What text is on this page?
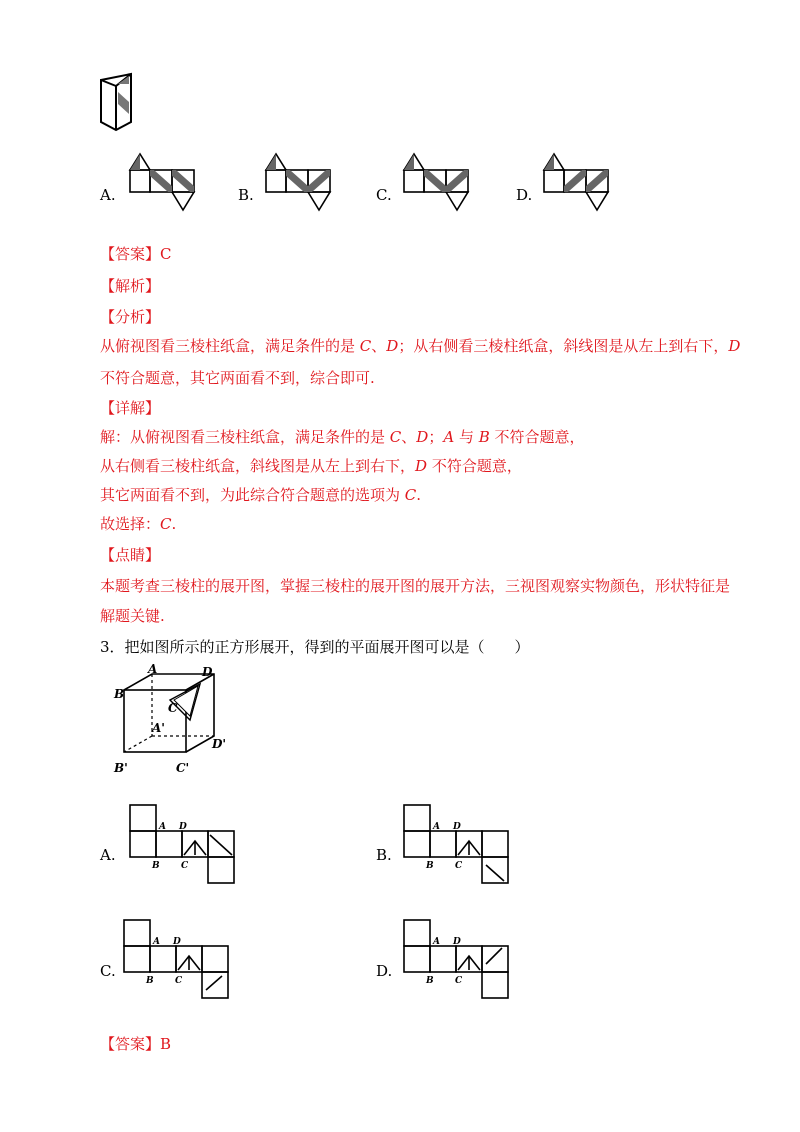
A.	B.	C.	D.
【答案】C
【解析】
【分析】
从俯视图看三棱柱纸盒，满足条件的是 C、D；从右侧看三棱柱纸盒，斜线图是从左上到右下，D
不符合题意，其它两面看不到，综合即可.
【详解】
解：从俯视图看三棱柱纸盒，满足条件的是 C、D；A 与 B 不符合题意，
从右侧看三棱柱纸盒，斜线图是从左上到右下，D 不符合题意，
其它两面看不到，为此综合符合题意的选项为 C.
故选择：C.
【点睛】
本题考查三棱柱的展开图，掌握三棱柱的展开图的展开方法，三视图观察实物颜色，形状特征是
解题关键.
3．把如图所示的正方形展开，得到的平面展开图可以是（　　）
A	D
B
C
A'
D'
B'	C'
A.
A D
B C
B.
A D
B C
C.
A D
B C
D.
A D
B C
【答案】B
